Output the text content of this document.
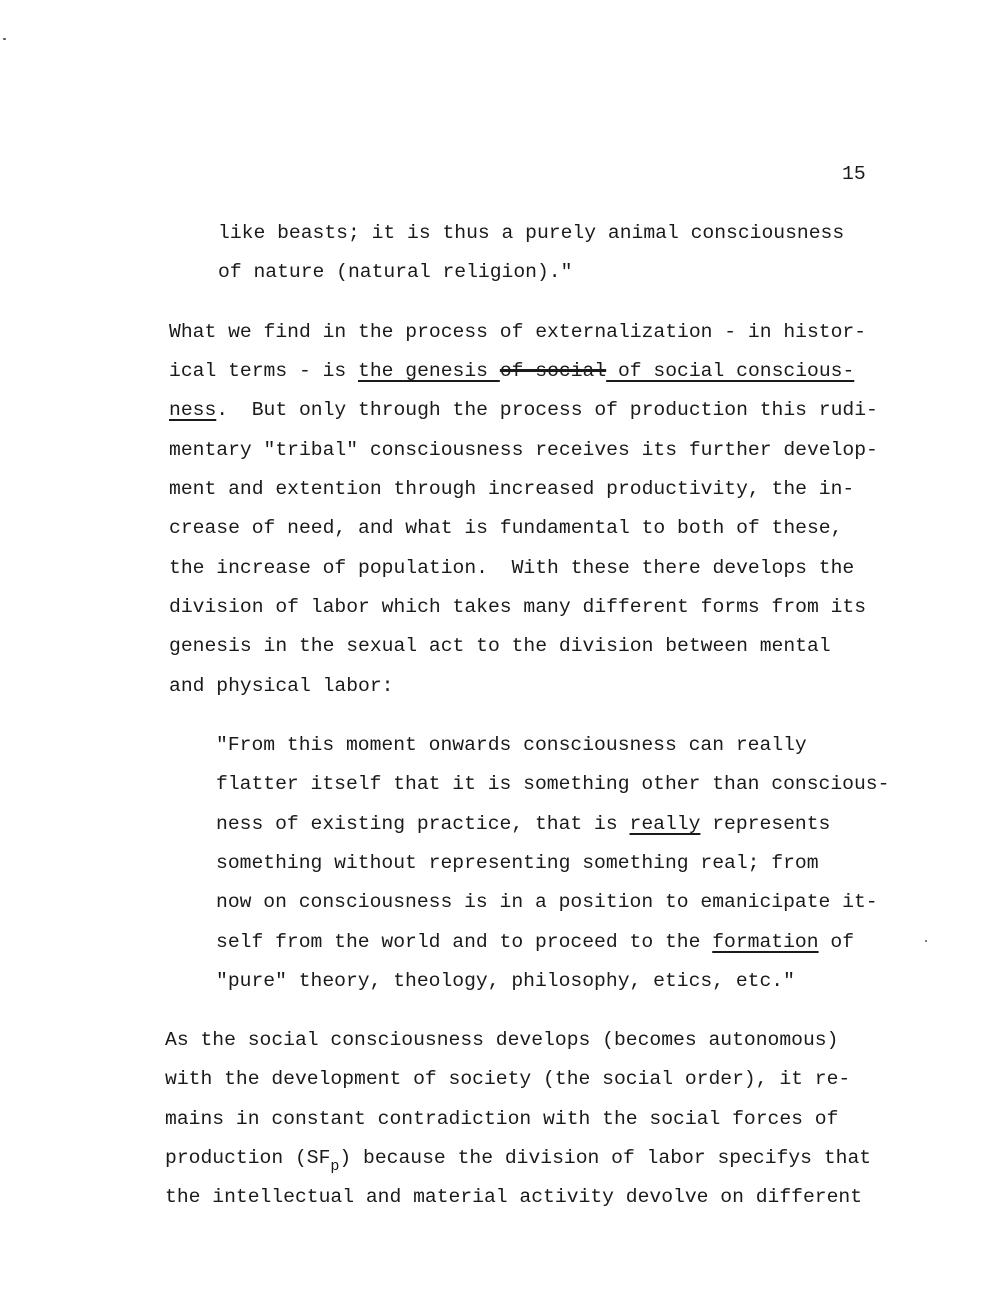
15
like beasts; it is thus a purely animal consciousness
of nature (natural religion)."
What we find in the process of externalization - in histor-
ical terms - is the genesis of social of social conscious-
ness.  But only through the process of production this rudi-
mentary "tribal" consciousness receives its further develop-
ment and extention through increased productivity, the in-
crease of need, and what is fundamental to both of these,
the increase of population.  With these there develops the
division of labor which takes many different forms from its
genesis in the sexual act to the division between mental
and physical labor:
"From this moment onwards consciousness can really
flatter itself that it is something other than conscious-
ness of existing practice, that is really represents
something without representing something real; from
now on consciousness is in a position to emanicipate it-
self from the world and to proceed to the formation of
"pure" theory, theology, philosophy, etics, etc."
As the social consciousness develops (becomes autonomous)
with the development of society (the social order), it re-
mains in constant contradiction with the social forces of
production $(SF_p)$ because the division of labor specifys that
the intellectual and material activity devolve on different
